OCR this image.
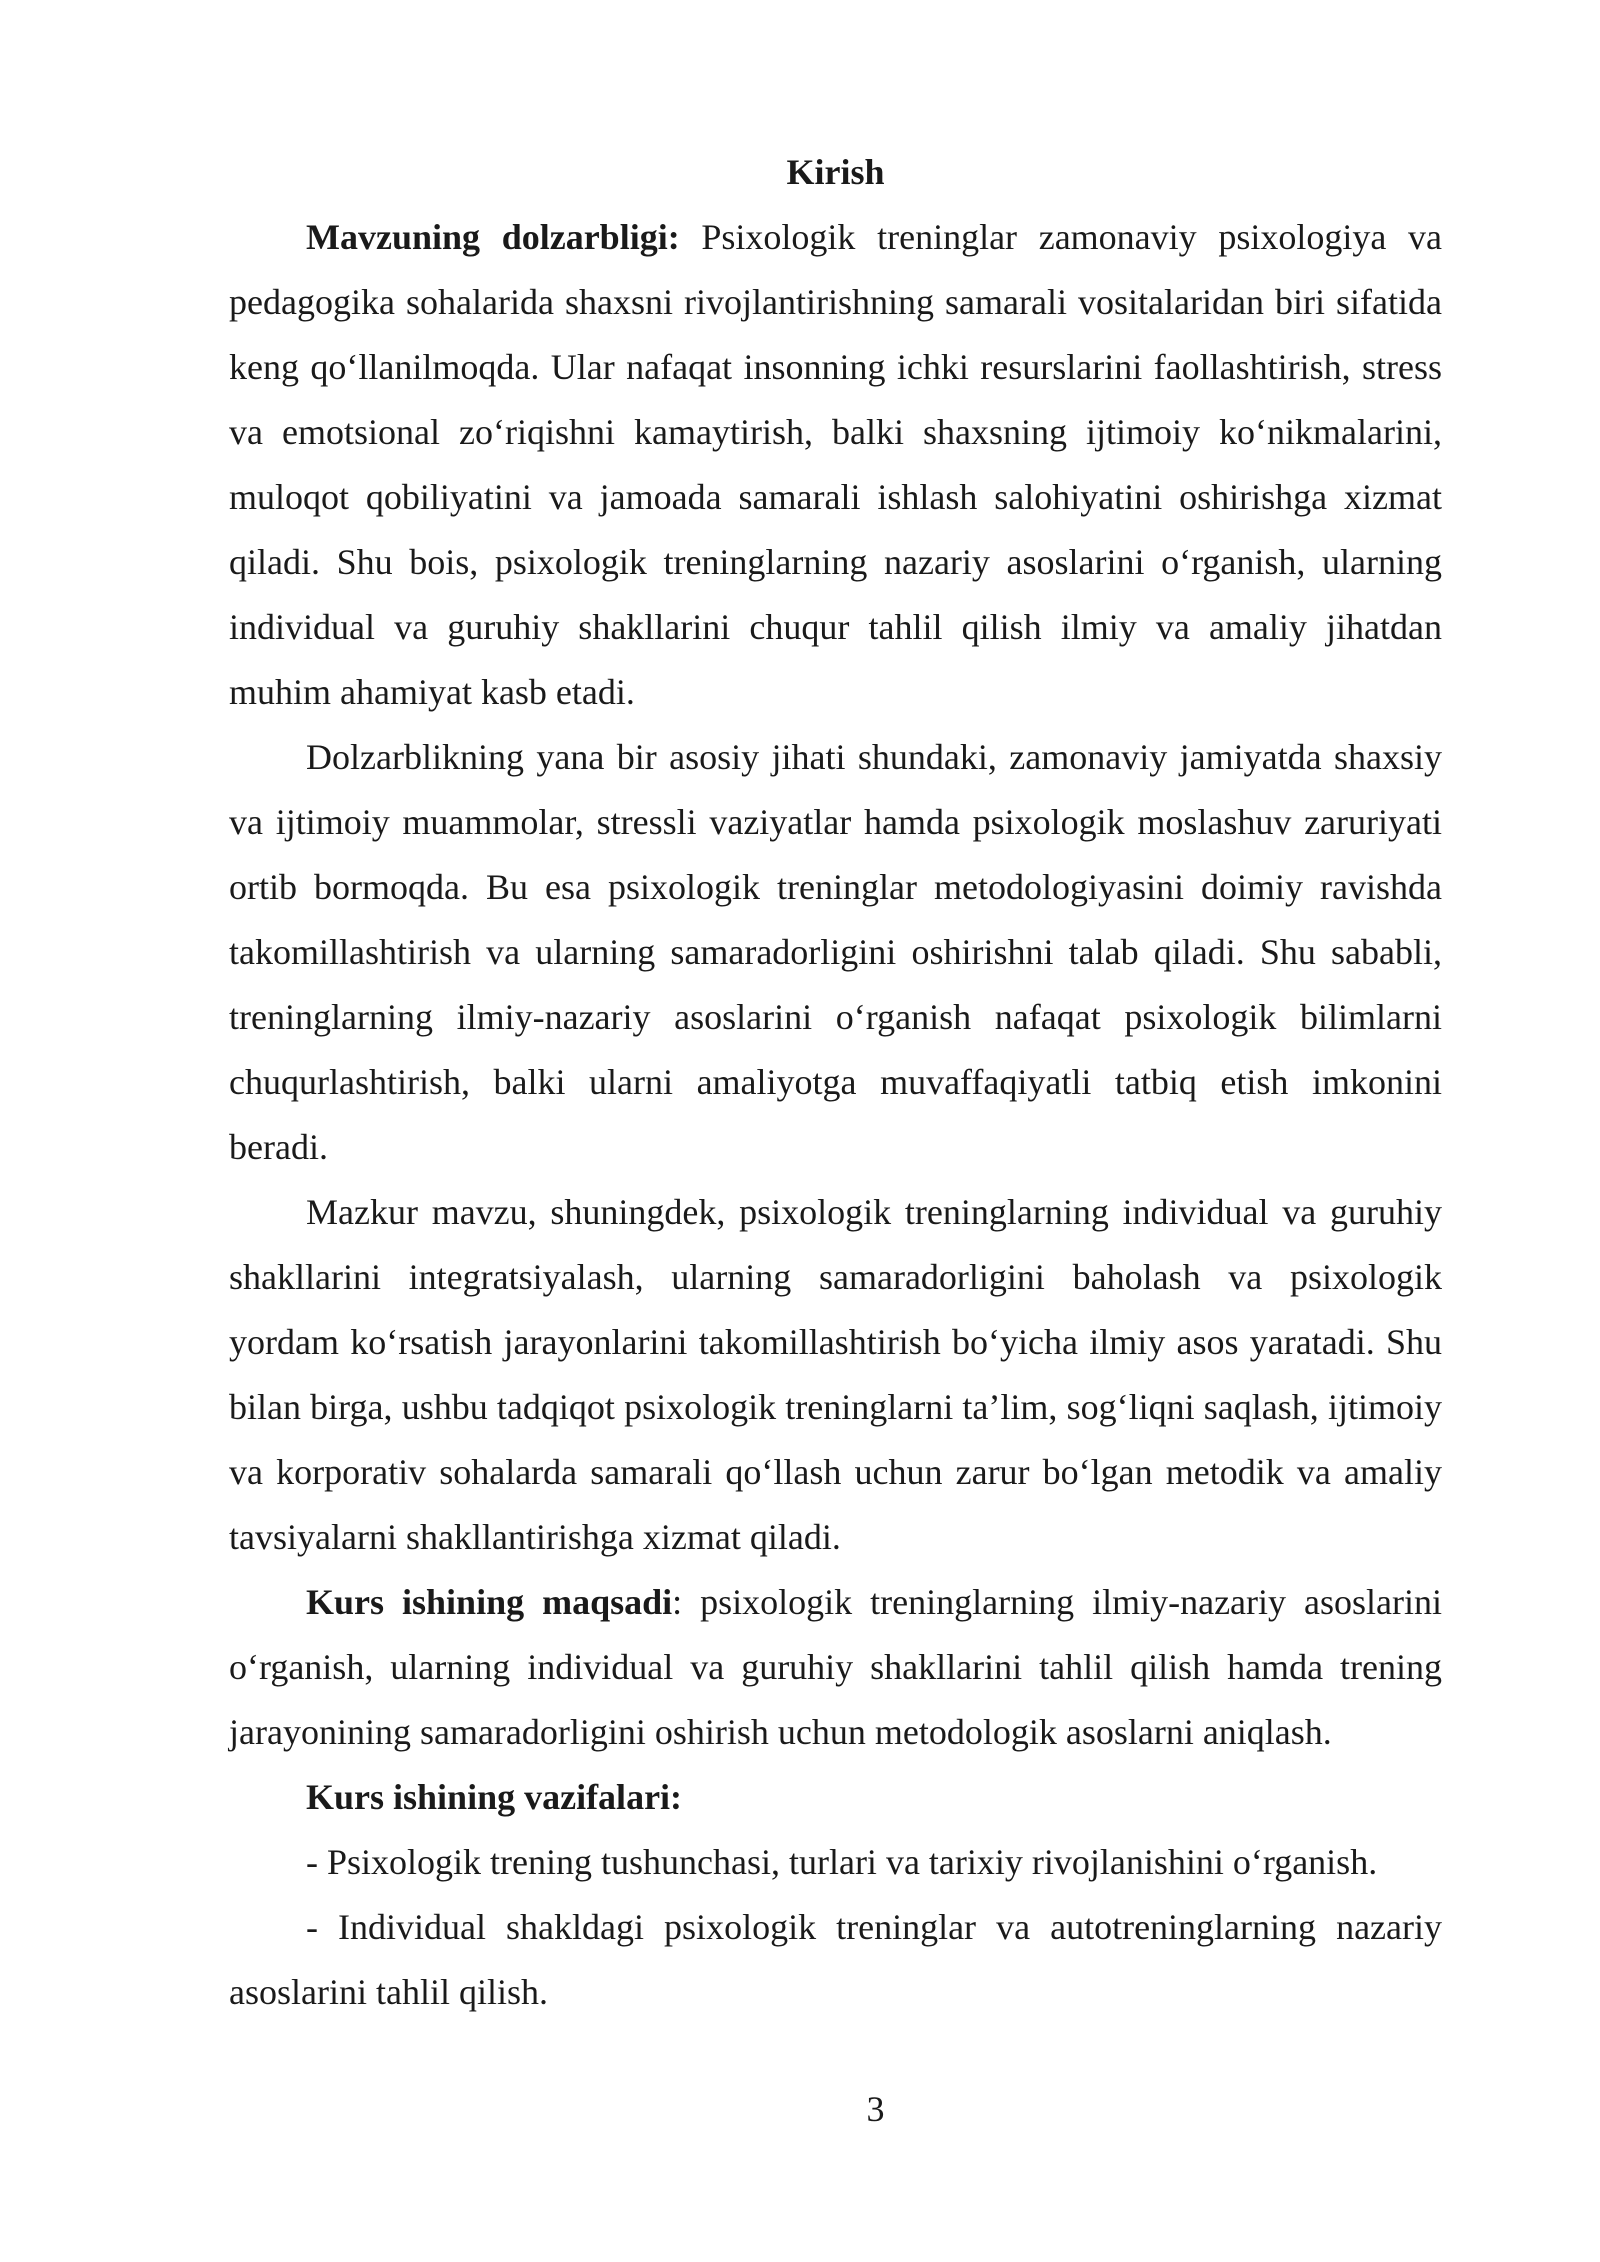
Kirish

Mavzuning dolzarbligi: Psixologik treninglar zamonaviy psixologiya va pedagogika sohalarida shaxsni rivojlantirishning samarali vositalaridan biri sifatida keng qo‘llanilmoqda. Ular nafaqat insonning ichki resurslarini faollashtirish, stress va emotsional zo‘riqishni kamaytirish, balki shaxsning ijtimoiy ko‘nikmalarini, muloqot qobiliyatini va jamoada samarali ishlash salohiyatini oshirishga xizmat qiladi. Shu bois, psixologik treninglarning nazariy asoslarini o‘rganish, ularning individual va guruhiy shakllarini chuqur tahlil qilish ilmiy va amaliy jihatdan muhim ahamiyat kasb etadi.

Dolzarblikning yana bir asosiy jihati shundaki, zamonaviy jamiyatda shaxsiy va ijtimoiy muammolar, stressli vaziyatlar hamda psixologik moslashuv zaruriyati ortib bormoqda. Bu esa psixologik treninglar metodologiyasini doimiy ravishda takomillashtirish va ularning samaradorligini oshirishni talab qiladi. Shu sababli, treninglarning ilmiy-nazariy asoslarini o‘rganish nafaqat psixologik bilimlarni chuqurlashtirish, balki ularni amaliyotga muvaffaqiyatli tatbiq etish imkonini beradi.

Mazkur mavzu, shuningdek, psixologik treninglarning individual va guruhiy shakllarini integratsiyalash, ularning samaradorligini baholash va psixologik yordam ko‘rsatish jarayonlarini takomillashtirish bo‘yicha ilmiy asos yaratadi. Shu bilan birga, ushbu tadqiqot psixologik treninglarni ta’lim, sog‘liqni saqlash, ijtimoiy va korporativ sohalarda samarali qo‘llash uchun zarur bo‘lgan metodik va amaliy tavsiyalarni shakllantirishga xizmat qiladi.

Kurs ishining maqsadi: psixologik treninglarning ilmiy-nazariy asoslarini o‘rganish, ularning individual va guruhiy shakllarini tahlil qilish hamda trening jarayonining samaradorligini oshirish uchun metodologik asoslarni aniqlash.

Kurs ishining vazifalari:

- Psixologik trening tushunchasi, turlari va tarixiy rivojlanishini o‘rganish.

- Individual shakldagi psixologik treninglar va autotreninglarning nazariy asoslarini tahlil qilish.

3
